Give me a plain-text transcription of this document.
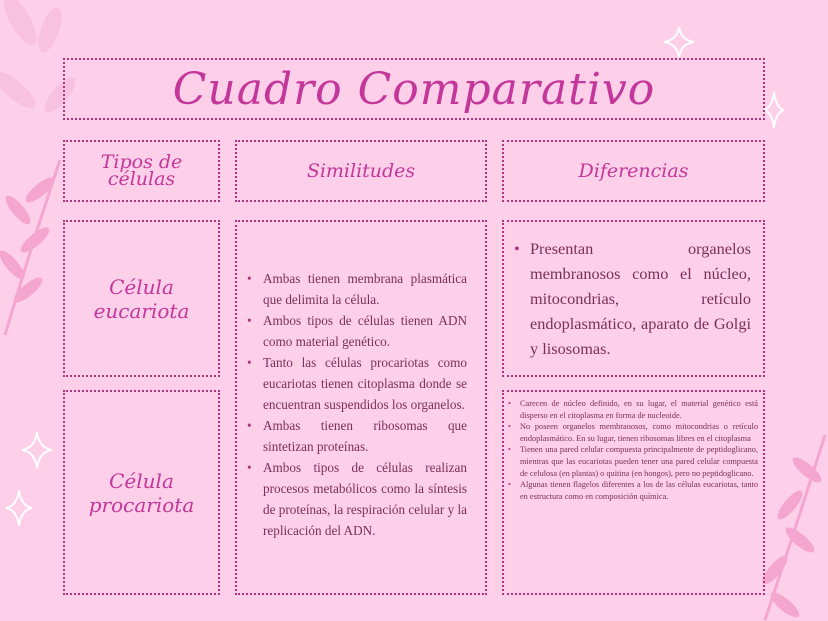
Cuadro Comparativo
Tipos de células	Similitudes	Diferencias
Célula eucariota
Célula procariota
• Ambas tienen membrana plasmática que delimita la célula.
• Ambos tipos de células tienen ADN como material genético.
• Tanto las células procariotas como eucariotas tienen citoplasma donde se encuentran suspendidos los organelos.
• Ambas tienen ribosomas que sintetizan proteínas.
• Ambos tipos de células realizan procesos metabólicos como la síntesis de proteínas, la respiración celular y la replicación del ADN.
• Presentan organelos membranosos como el núcleo, mitocondrias, retículo endoplasmático, aparato de Golgi y lisosomas.
• Carecen de núcleo definido, en su lugar, el material genético está disperso en el citoplasma en forma de nucleoide.
• No poseen organelos membranosos, como mitocondrias o retículo endoplasmático. En su lugar, tienen ribosomas libres en el citoplasma
• Tienen una pared celular compuesta principalmente de peptidoglicano, mientras que las eucariotas pueden tener una pared celular compuesta de celulosa (en plantas) o quitina (en hongos), pero no peptidoglicano.
• Algunas tienen flagelos diferentes a los de las células eucariotas, tanto en estructura como en composición química.
